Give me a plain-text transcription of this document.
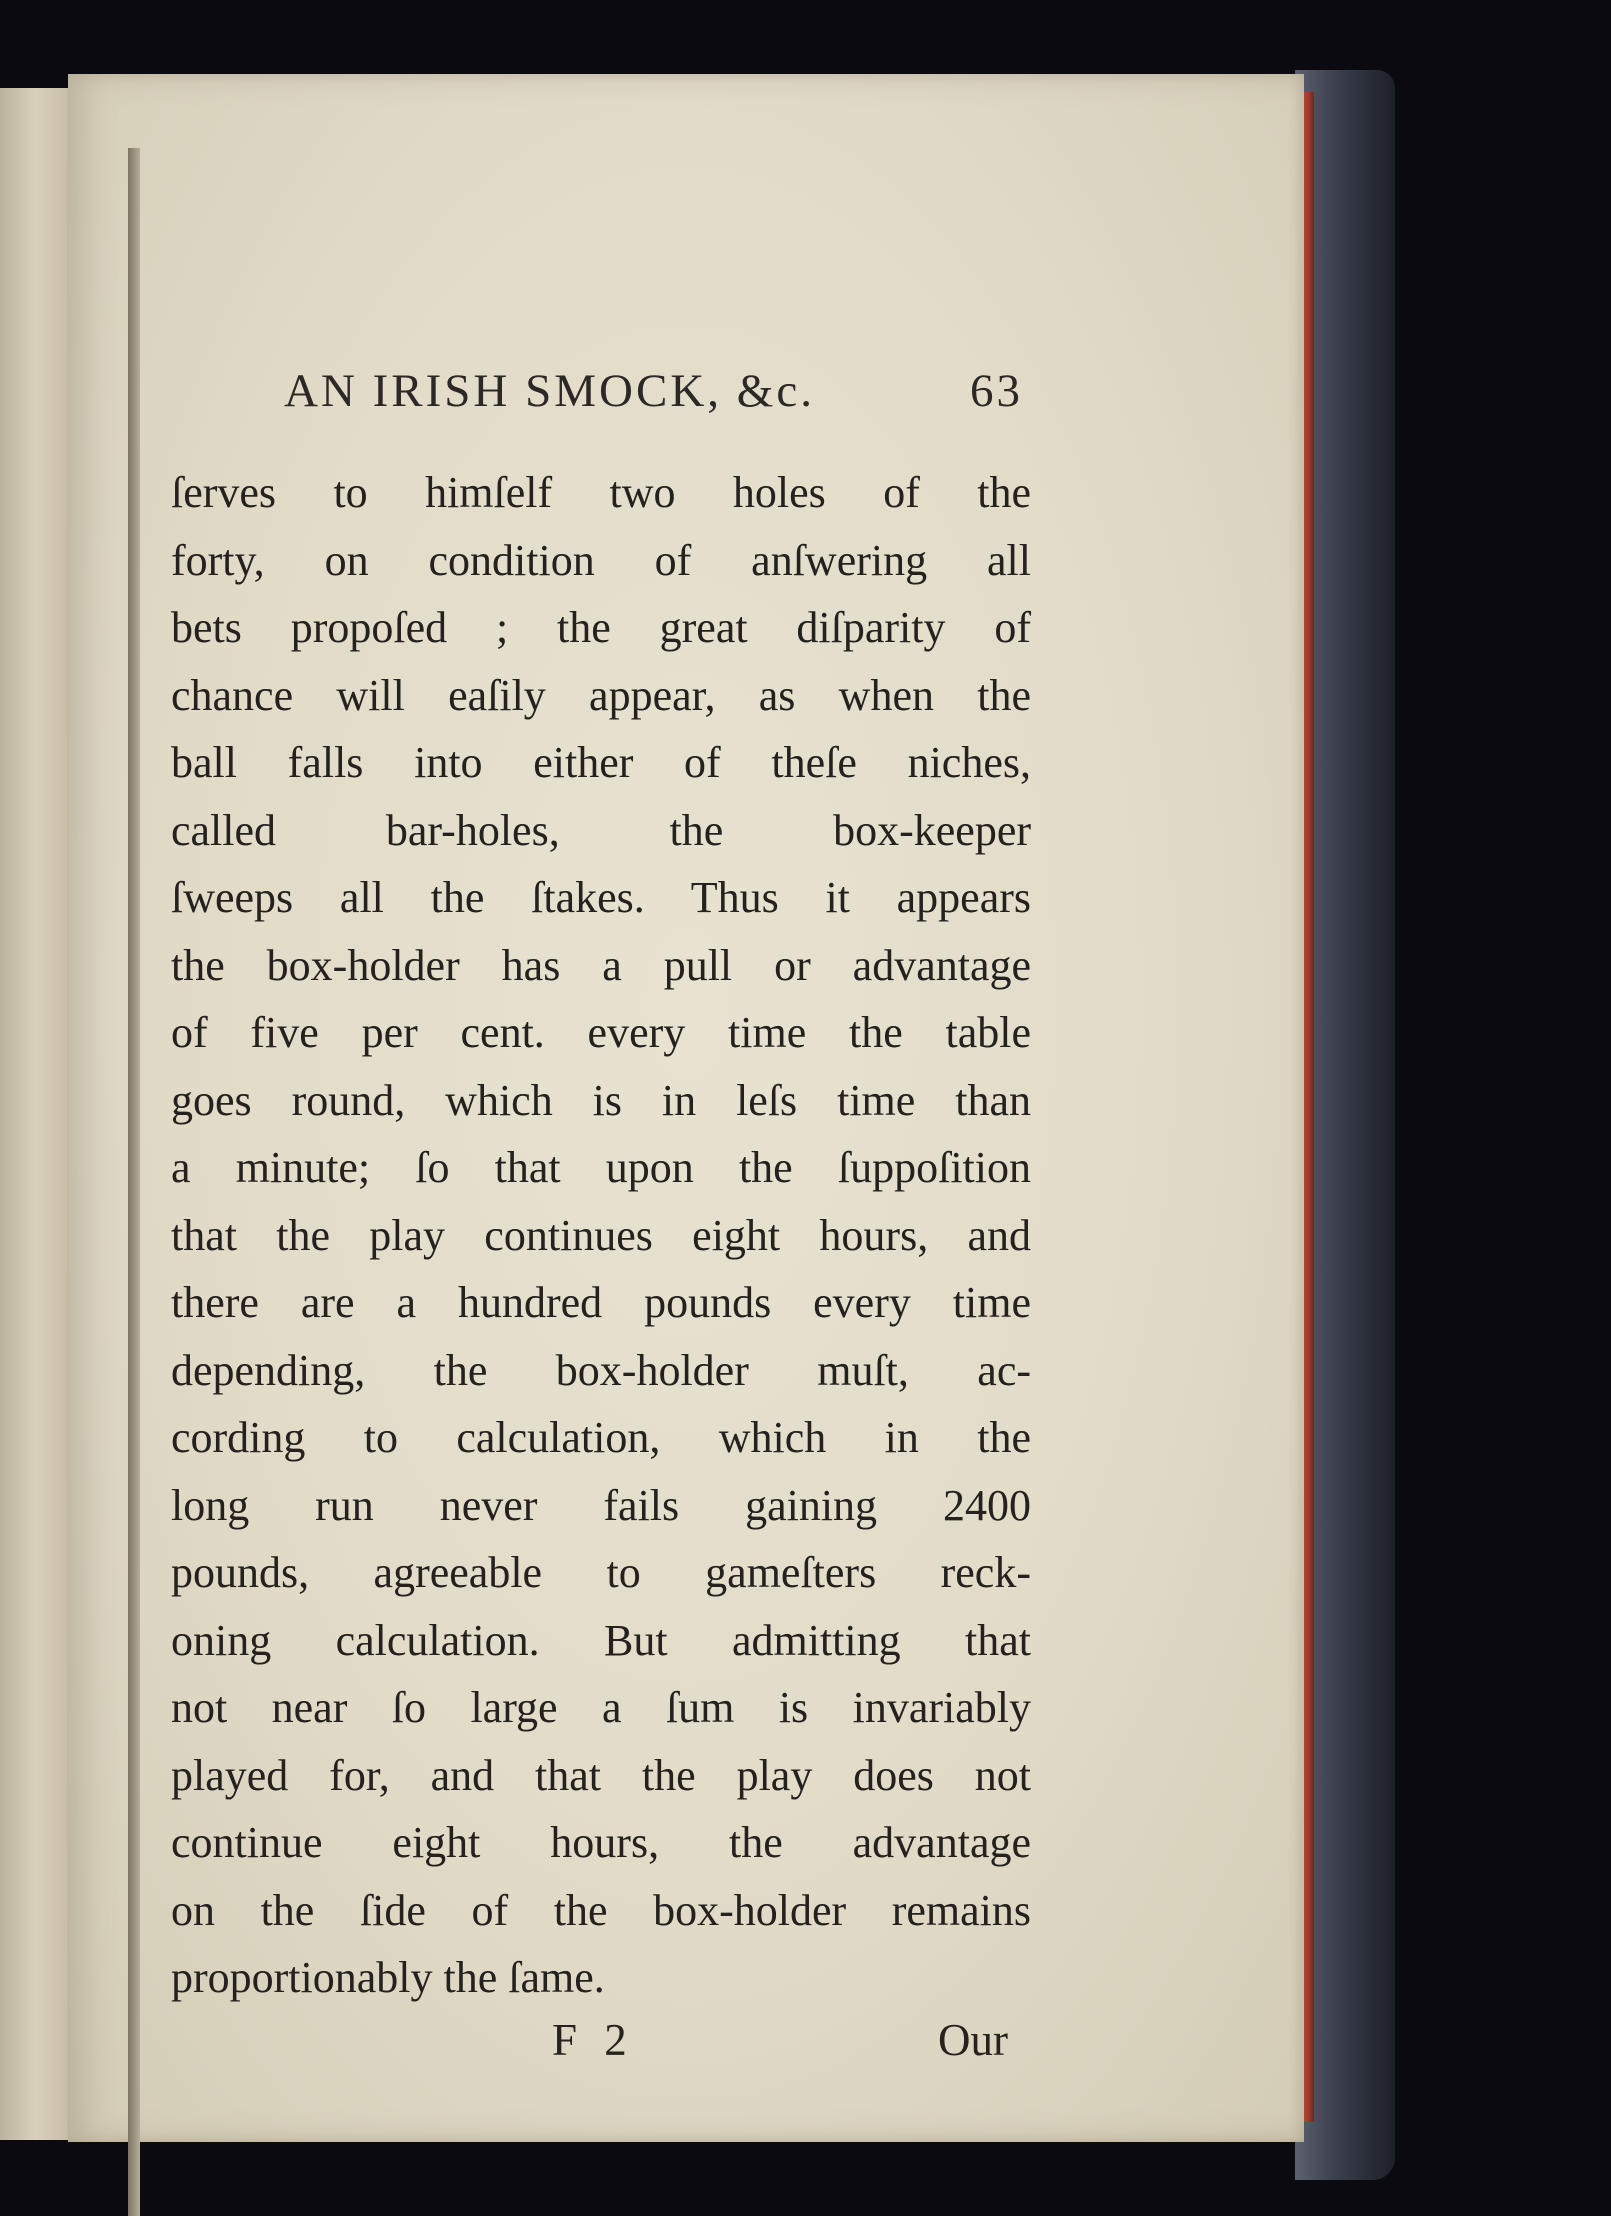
AN IRISH SMOCK, &c.	63
ſerves to himſelf two holes of the
forty, on condition of anſwering all
bets propoſed ; the great diſparity of
chance will eaſily appear, as when the
ball falls into either of theſe niches,
called bar-holes, the box-keeper
ſweeps all the ſtakes. Thus it appears
the box-holder has a pull or advantage
of five per cent. every time the table
goes round, which is in leſs time than
a minute; ſo that upon the ſuppoſition
that the play continues eight hours, and
there are a hundred pounds every time
depending, the box-holder muſt, ac-
cording to calculation, which in the
long run never fails gaining 2400
pounds, agreeable to gameſters reck-
oning calculation. But admitting that
not near ſo large a ſum is invariably
played for, and that the play does not
continue eight hours, the advantage
on the ſide of the box-holder remains
proportionably the ſame.
F 2	Our
